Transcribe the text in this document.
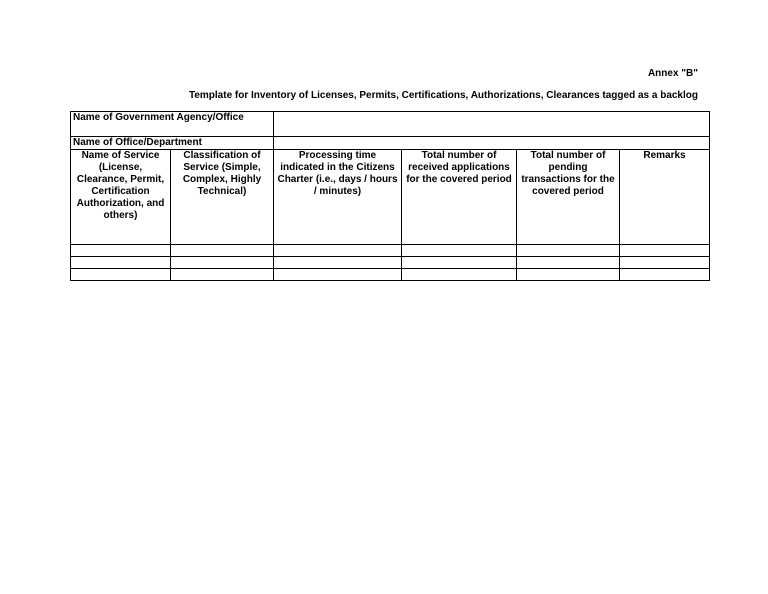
Annex "B"
Template for Inventory of Licenses, Permits, Certifications, Authorizations, Clearances tagged as a backlog
Name of Government Agency/Office					
Name of Office/Department					
Name of Service (License, Clearance, Permit, Certification Authorization, and others)	Classification of Service (Simple, Complex, Highly Technical)	Processing time indicated in the Citizens Charter (i.e., days / hours / minutes)	Total number of received applications for the covered period	Total number of pending transactions for the covered period	Remarks
